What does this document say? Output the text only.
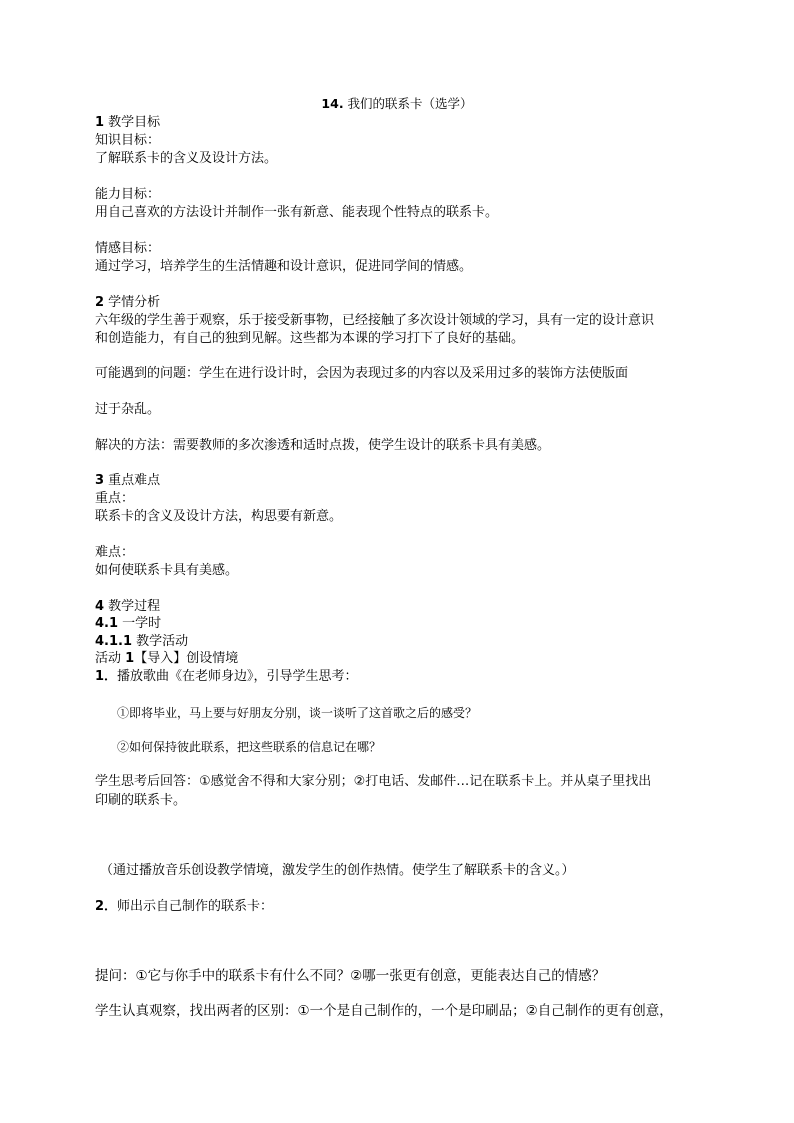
14. 我们的联系卡（选学）
1 教学目标
知识目标：
了解联系卡的含义及设计方法。
能力目标：
用自己喜欢的方法设计并制作一张有新意、能表现个性特点的联系卡。
情感目标：
通过学习，培养学生的生活情趣和设计意识，促进同学间的情感。
2 学情分析
六年级的学生善于观察，乐于接受新事物，已经接触了多次设计领域的学习，具有一定的设计意识
和创造能力，有自己的独到见解。这些都为本课的学习打下了良好的基础。
可能遇到的问题：学生在进行设计时，会因为表现过多的内容以及采用过多的装饰方法使版面
过于杂乱。
解决的方法：需要教师的多次渗透和适时点拨，使学生设计的联系卡具有美感。
3 重点难点
重点：
联系卡的含义及设计方法，构思要有新意。
难点：
如何使联系卡具有美感。
4 教学过程
4.1 一学时
4.1.1 教学活动
活动 1【导入】创设情境
1．播放歌曲《在老师身边》，引导学生思考：
①即将毕业，马上要与好朋友分别，谈一谈听了这首歌之后的感受？
②如何保持彼此联系，把这些联系的信息记在哪？
学生思考后回答：①感觉舍不得和大家分别；②打电话、发邮件…记在联系卡上。并从桌子里找出
印刷的联系卡。
（通过播放音乐创设教学情境，激发学生的创作热情。使学生了解联系卡的含义。）
2．师出示自己制作的联系卡：
提问：①它与你手中的联系卡有什么不同？②哪一张更有创意，更能表达自己的情感？
学生认真观察，找出两者的区别：①一个是自己制作的，一个是印刷品；②自己制作的更有创意，
